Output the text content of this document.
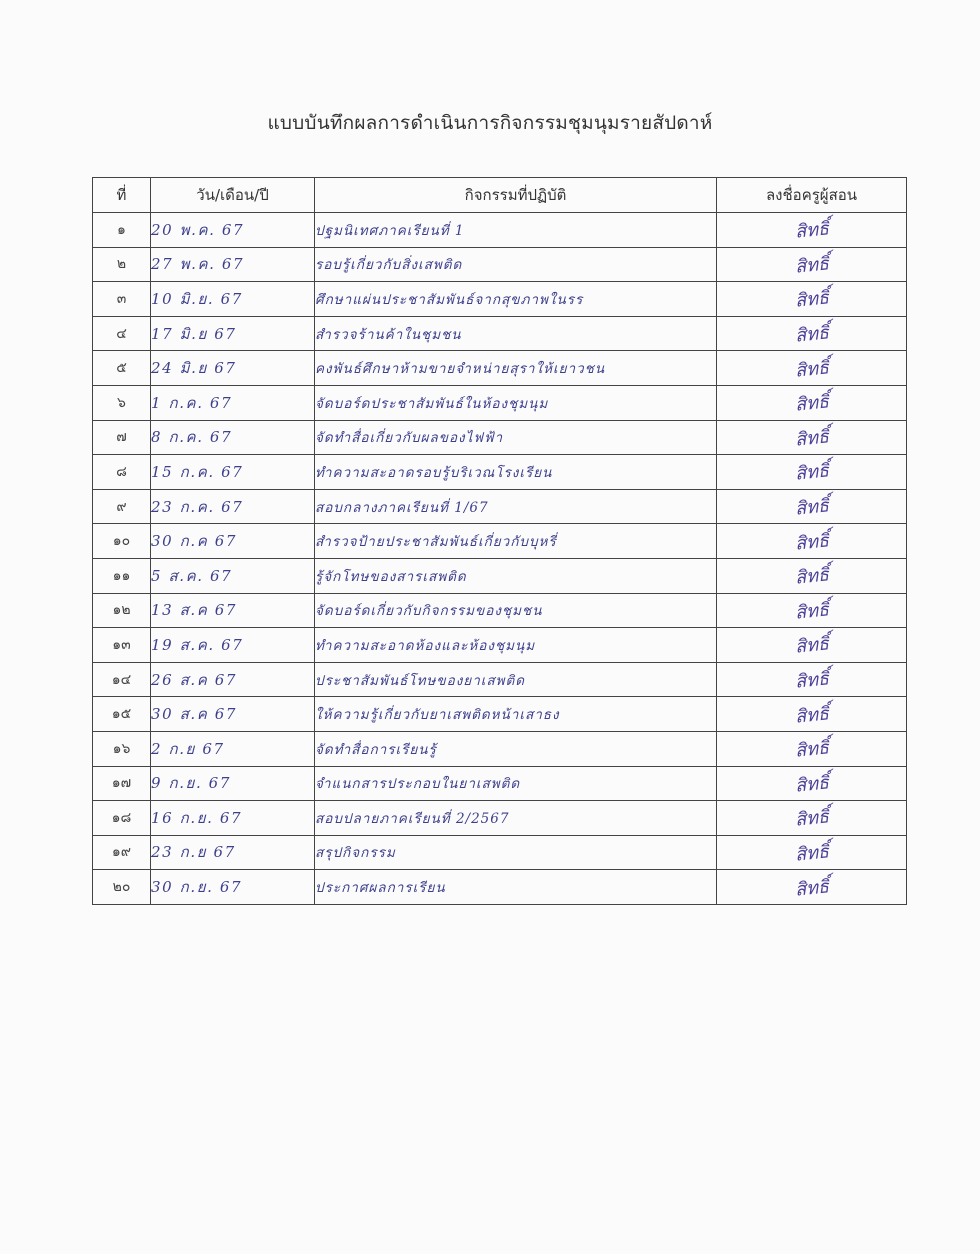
แบบบันทึกผลการดำเนินการกิจกรรมชุมนุมรายสัปดาห์
ที่	วัน/เดือน/ปี	กิจกรรมที่ปฏิบัติ	ลงชื่อครูผู้สอน
๑	20 พ.ค. 67	ปฐมนิเทศภาคเรียนที่ 1	สิทธิ์
๒	27 พ.ค. 67	รอบรู้เกี่ยวกับสิ่งเสพติด	สิทธิ์
๓	10 มิ.ย. 67	ศึกษาแผ่นประชาสัมพันธ์จากสุขภาพในรร	สิทธิ์
๔	17 มิ.ย 67	สำรวจร้านค้าในชุมชน	สิทธิ์
๕	24 มิ.ย 67	คงพันธ์ศึกษาห้ามขายจำหน่ายสุราให้เยาวชน	สิทธิ์
๖	1 ก.ค. 67	จัดบอร์ดประชาสัมพันธ์ในห้องชุมนุม	สิทธิ์
๗	8 ก.ค. 67	จัดทำสื่อเกี่ยวกับผลของไฟฟ้า	สิทธิ์
๘	15 ก.ค. 67	ทำความสะอาดรอบรู้บริเวณโรงเรียน	สิทธิ์
๙	23 ก.ค. 67	สอบกลางภาคเรียนที่ 1/67	สิทธิ์
๑๐	30 ก.ค 67	สำรวจป้ายประชาสัมพันธ์เกี่ยวกับบุหรี่	สิทธิ์
๑๑	5 ส.ค. 67	รู้จักโทษของสารเสพติด	สิทธิ์
๑๒	13 ส.ค 67	จัดบอร์ดเกี่ยวกับกิจกรรมของชุมชน	สิทธิ์
๑๓	19 ส.ค. 67	ทำความสะอาดห้องและห้องชุมนุม	สิทธิ์
๑๔	26 ส.ค 67	ประชาสัมพันธ์โทษของยาเสพติด	สิทธิ์
๑๕	30 ส.ค 67	ให้ความรู้เกี่ยวกับยาเสพติดหน้าเสาธง	สิทธิ์
๑๖	2 ก.ย 67	จัดทำสื่อการเรียนรู้	สิทธิ์
๑๗	9 ก.ย. 67	จำแนกสารประกอบในยาเสพติด	สิทธิ์
๑๘	16 ก.ย. 67	สอบปลายภาคเรียนที่ 2/2567	สิทธิ์
๑๙	23 ก.ย 67	สรุปกิจกรรม	สิทธิ์
๒๐	30 ก.ย. 67	ประกาศผลการเรียน	สิทธิ์
